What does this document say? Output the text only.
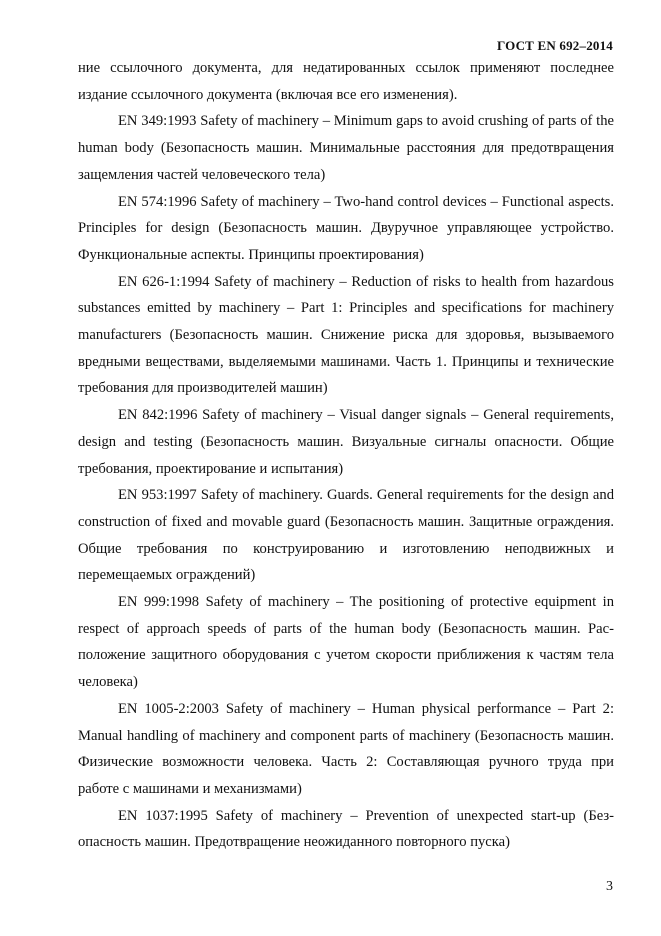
ГОСТ EN 692–2014

ние ссылочного документа, для недатированных ссылок применяют последнее издание ссылочного документа (включая все его изменения).

EN 349:1993 Safety of machinery – Minimum gaps to avoid crushing of parts of the human body (Безопасность машин. Минимальные расстояния для предотвращения защемления частей человеческого тела)

EN 574:1996 Safety of machinery – Two-hand control devices – Functional aspects. Principles for design (Безопасность машин. Двуручное управляющее устройство. Функциональные аспекты. Принципы проектирования)

EN 626-1:1994 Safety of machinery – Reduction of risks to health from hazardous substances emitted by machinery – Part 1: Principles and specifications for machinery manufacturers (Безопасность машин. Снижение риска для здоровья, вызываемого вредными веществами, выделяемыми машинами. Часть 1. Принципы и технические требования для производителей машин)

EN 842:1996 Safety of machinery – Visual danger signals – General requirements, design and testing (Безопасность машин. Визуальные сигналы опасности. Общие требования, проектирование и испытания)

EN 953:1997 Safety of machinery. Guards. General requirements for the design and construction of fixed and movable guard (Безопасность машин. Защитные ограждения. Общие требования по конструированию и изготовлению неподвижных и перемещаемых ограждений)

EN 999:1998 Safety of machinery – The positioning of protective equipment in respect of approach speeds of parts of the human body (Безопасность машин. Расположение защитного оборудования с учетом скорости приближения к частям тела человека)

EN 1005-2:2003 Safety of machinery – Human physical performance – Part 2: Manual handling of machinery and component parts of machinery (Безопасность машин. Физические возможности человека. Часть 2: Составляющая ручного труда при работе с машинами и механизмами)

EN 1037:1995 Safety of machinery – Prevention of unexpected start-up (Безопасность машин. Предотвращение неожиданного повторного пуска)

3
